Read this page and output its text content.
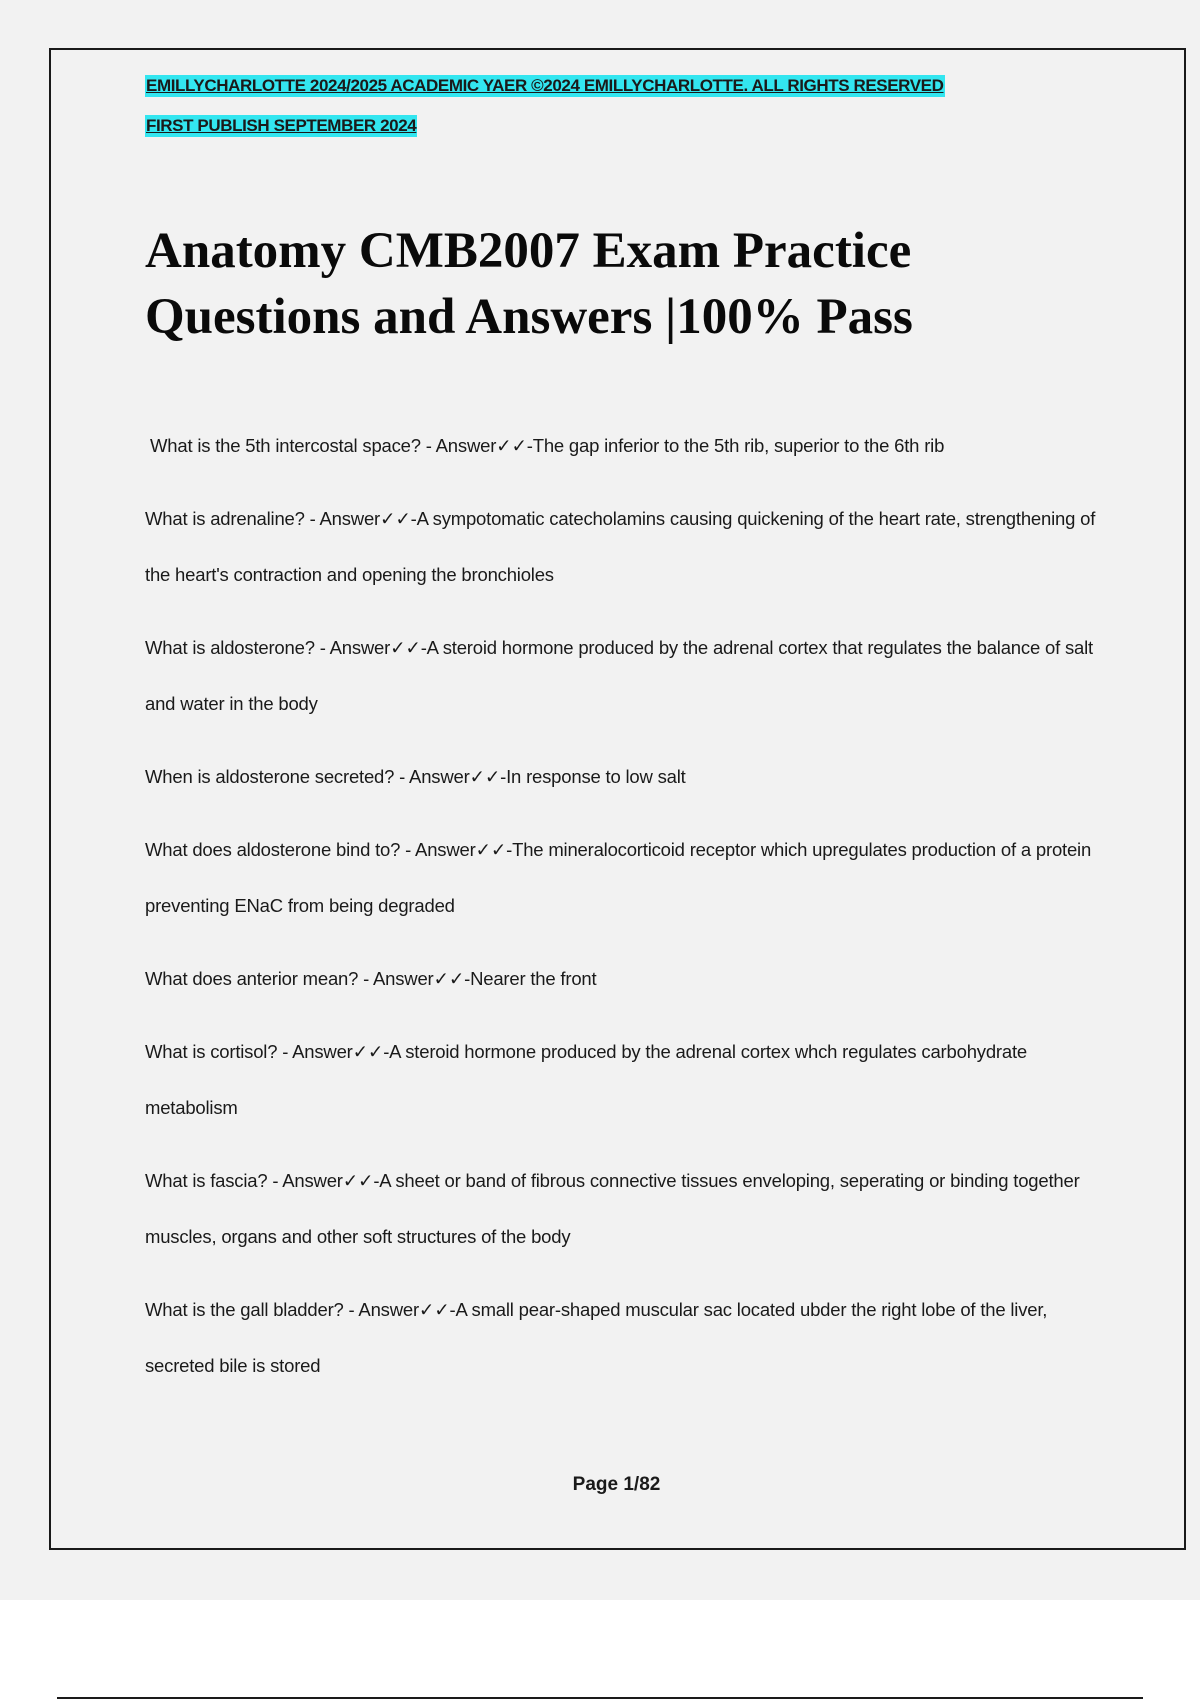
EMILLYCHARLOTTE 2024/2025 ACADEMIC YAER ©2024 EMILLYCHARLOTTE. ALL RIGHTS RESERVED
FIRST PUBLISH SEPTEMBER 2024
Anatomy CMB2007 Exam Practice Questions and Answers |100% Pass
What is the 5th intercostal space? - Answer✓✓-The gap inferior to the 5th rib, superior to the 6th rib
What is adrenaline? - Answer✓✓-A sympotomatic catecholamins causing quickening of the heart rate, strengthening of the heart's contraction and opening the bronchioles
What is aldosterone? - Answer✓✓-A steroid hormone produced by the adrenal cortex that regulates the balance of salt and water in the body
When is aldosterone secreted? - Answer✓✓-In response to low salt
What does aldosterone bind to? - Answer✓✓-The mineralocorticoid receptor which upregulates production of a protein preventing ENaC from being degraded
What does anterior mean? - Answer✓✓-Nearer the front
What is cortisol? - Answer✓✓-A steroid hormone produced by the adrenal cortex whch regulates carbohydrate metabolism
What is fascia? - Answer✓✓-A sheet or band of fibrous connective tissues enveloping, seperating or binding together muscles, organs and other soft structures of the body
What is the gall bladder? - Answer✓✓-A small pear-shaped muscular sac located ubder the right lobe of the liver, secreted bile is stored
Page 1/82
